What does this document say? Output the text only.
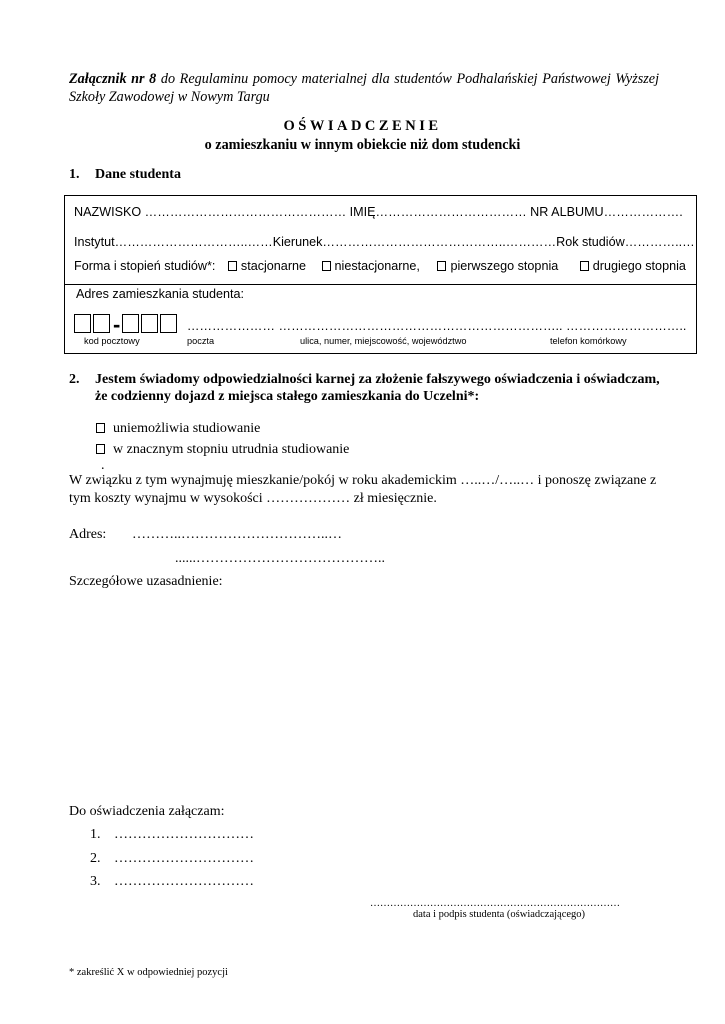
Załącznik nr 8 do Regulaminu pomocy materialnej dla studentów Podhalańskiej Państwowej Wyższej Szkoły Zawodowej w Nowym Targu
OŚWIADCZENIE
o zamieszkaniu w innym obiekcie niż dom studencki
1. Dane studenta
NAZWISKO ………………………………………… IMIĘ……………………………… NR ALBUMU……………….
Instytut…………………………..……Kierunek……………………………………..…………Rok studiów…………..…
Forma i stopień studiów*: stacjonarne niestacjonarne, pierwszego stopnia	drugiego stopnia
Adres zamieszkania studenta:
-	………………… ………………………………………………………….. ………………………..
kod pocztowy	poczta	ulica, numer, miejscowość, województwo	telefon komórkowy
2. Jestem świadomy odpowiedzialności karnej za złożenie fałszywego oświadczenia i oświadczam, że codzienny dojazd z miejsca stałego zamieszkania do Uczelni*:
uniemożliwia studiowanie
w znacznym stopniu utrudnia studiowanie
.
W związku z tym wynajmuję mieszkanie/pokój w roku akademickim …..…/…..… i ponoszę związane z tym koszty wynajmu w wysokości ……………… zł miesięcznie.
Adres: ………..…………………………..…
......…………………………………..
Szczegółowe uzasadnienie:
Do oświadczenia załączam:
1. …………………………
2. …………………………
3. …………………………
…………………………………………………………………
data i podpis studenta (oświadczającego)
* zakreślić X w odpowiedniej pozycji
